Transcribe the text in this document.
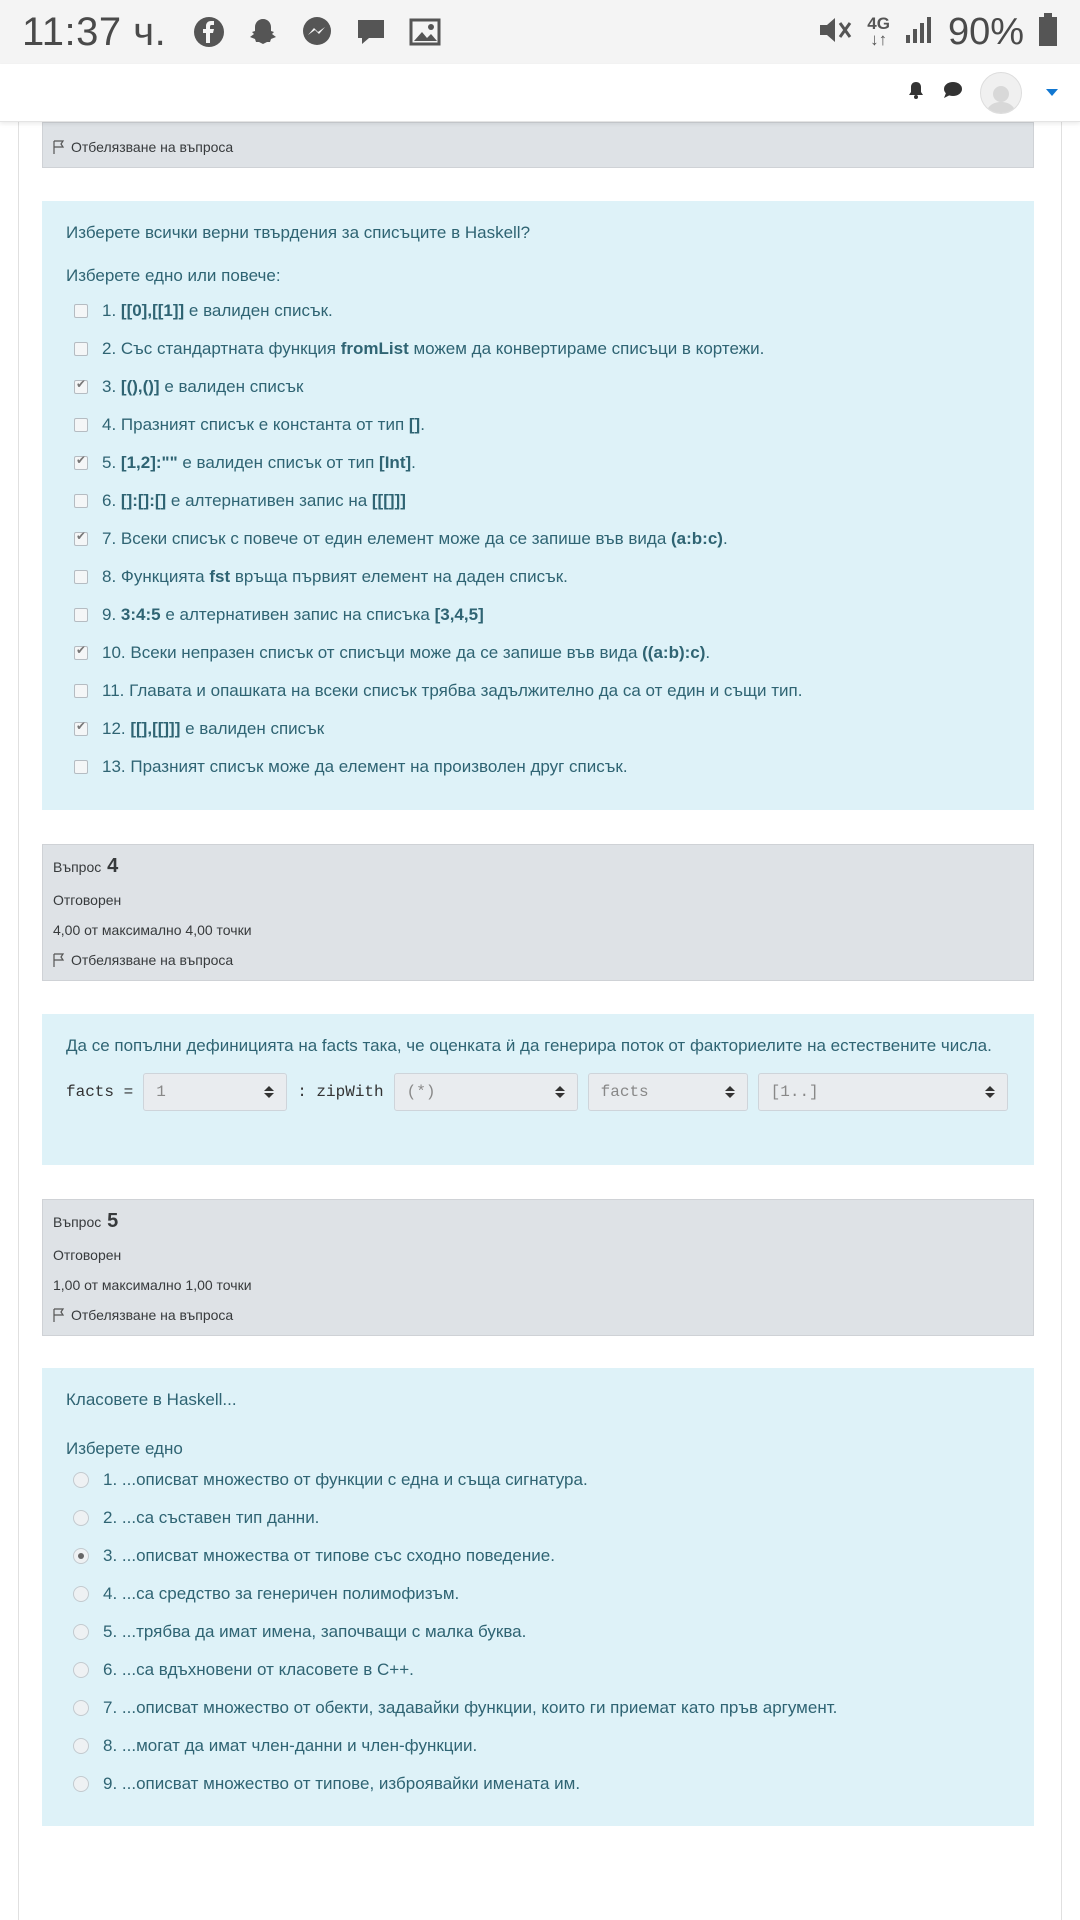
11:37 ч.	4G
↓↑ 90%
Отбелязване на въпроса
Изберете всички верни твърдения за списъците в Haskell?
Изберете едно или повече:
1. [[0],[[1]] е валиден списък.
2. Със стандартната функция fromList можем да конвертираме списъци в кортежи.
✔
3. [(),()] е валиден списък
4. Празният списък е константа от тип [].
✔
5. [1,2]:"" е валиден списък от тип [Int].
6. []:[]:[] е алтернативен запис на [[[]]]
✔
7. Всеки списък с повече от един елемент може да се запише във вида (a:b:c).
8. Функцията fst връща първият елемент на даден списък.
9. 3:4:5 е алтернативен запис на списъка [3,4,5]
✔
10. Всеки непразен списък от списъци може да се запише във вида ((a:b):c).
11. Главата и опашката на всеки списък трябва задължително да са от един и същи тип.
✔
12. [[],[[]]] е валиден списък
13. Празният списък може да елемент на произволен друг списък.
Въпрос 4
Отговорен
4,00 от максимално 4,00 точки
Отбелязване на въпроса
Да се попълни дефиницията на facts така, че оценката ӥ да генерира поток от факториелите на естествените числа.
facts = 1	: zipWith (*)	facts	[1..]
Въпрос 5
Отговорен
1,00 от максимално 1,00 точки
Отбелязване на въпроса
Класовете в Haskell...
Изберете едно
1. ...описват множество от функции с една и съща сигнатура.
2. ...са съставен тип данни.
3. ...описват множества от типове със сходно поведение.
4. ...са средство за генеричен полимофизъм.
5. ...трябва да имат имена, започващи с малка буква.
6. ...са вдъхновени от класовете в C++.
7. ...описват множество от обекти, задавайки функции, които ги приемат като пръв аргумент.
8. ...могат да имат член-данни и член-функции.
9. ...описват множество от типове, изброявайки имената им.
